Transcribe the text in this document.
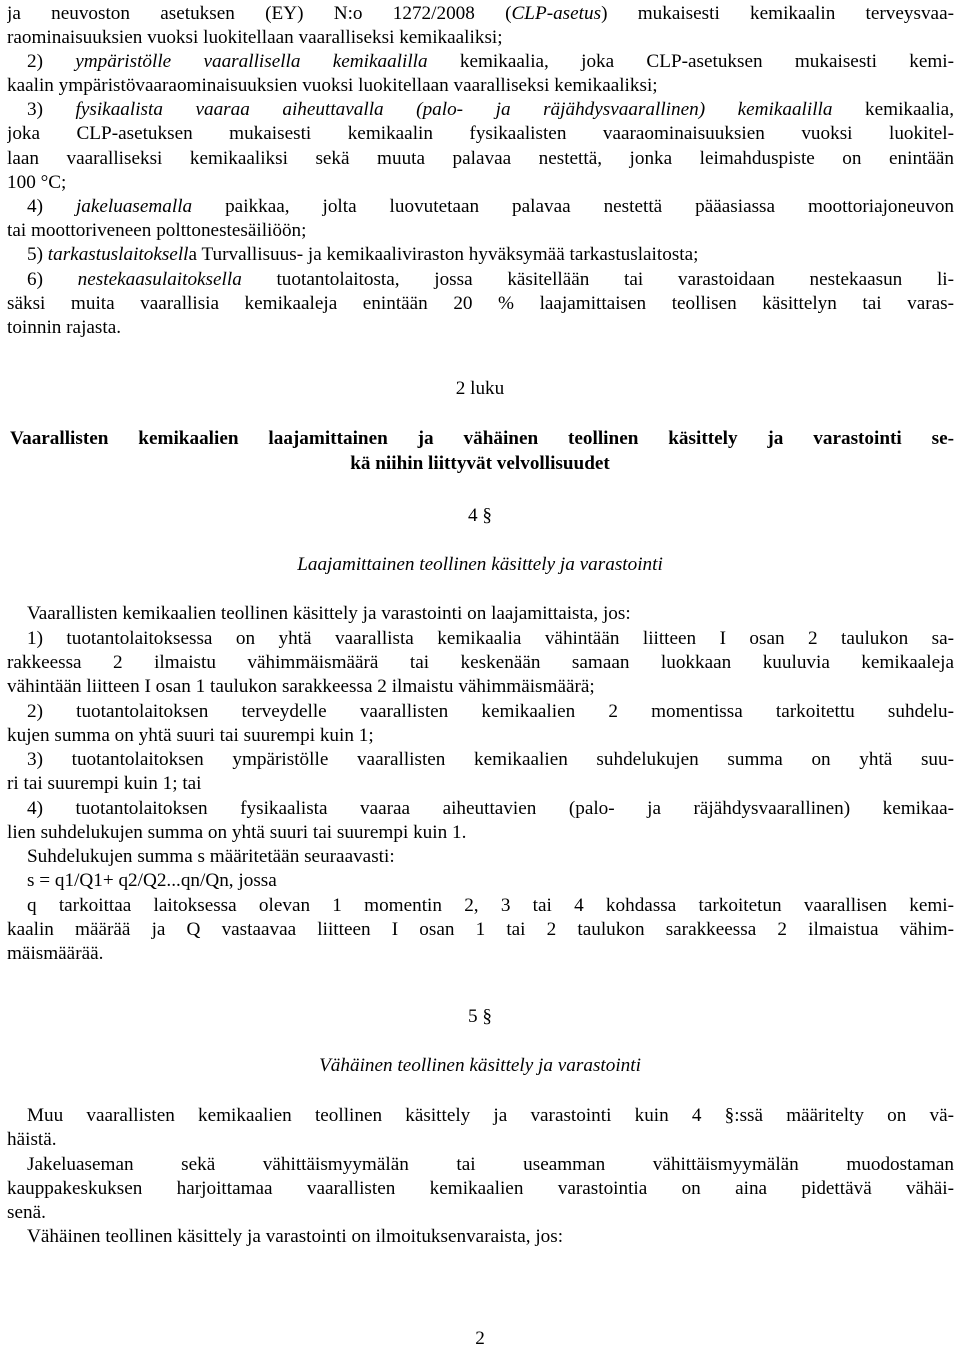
ja neuvoston asetuksen (EY) N:o 1272/2008 (CLP-asetus) mukaisesti kemikaalin terveysvaa-
raominaisuuksien vuoksi luokitellaan vaaralliseksi kemikaaliksi;
2) ympäristölle vaarallisella kemikaalilla kemikaalia, joka CLP-asetuksen mukaisesti kemi-
kaalin ympäristövaaraominaisuuksien vuoksi luokitellaan vaaralliseksi kemikaaliksi;
3) fysikaalista vaaraa aiheuttavalla (palo- ja räjähdysvaarallinen) kemikaalilla kemikaalia,
joka CLP-asetuksen mukaisesti kemikaalin fysikaalisten vaaraominaisuuksien vuoksi luokitel-
laan vaaralliseksi kemikaaliksi sekä muuta palavaa nestettä, jonka leimahduspiste on enintään
100 °C;
4) jakeluasemalla paikkaa, jolta luovutetaan palavaa nestettä pääasiassa moottoriajoneuvon
tai moottoriveneen polttonestesäiliöön;
5) tarkastuslaitoksella Turvallisuus- ja kemikaaliviraston hyväksymää tarkastuslaitosta;
6) nestekaasulaitoksella tuotantolaitosta, jossa käsitellään tai varastoidaan nestekaasun li-
säksi muita vaarallisia kemikaaleja enintään 20 % laajamittaisen teollisen käsittelyn tai varas-
toinnin rajasta.
2 luku
Vaarallisten kemikaalien laajamittainen ja vähäinen teollinen käsittely ja varastointi se-
kä niihin liittyvät velvollisuudet
4 §
Laajamittainen teollinen käsittely ja varastointi
Vaarallisten kemikaalien teollinen käsittely ja varastointi on laajamittaista, jos:
1) tuotantolaitoksessa on yhtä vaarallista kemikaalia vähintään liitteen I osan 2 taulukon sa-
rakkeessa 2 ilmaistu vähimmäismäärä tai keskenään samaan luokkaan kuuluvia kemikaaleja
vähintään liitteen I osan 1 taulukon sarakkeessa 2 ilmaistu vähimmäismäärä;
2) tuotantolaitoksen terveydelle vaarallisten kemikaalien 2 momentissa tarkoitettu suhdelu-
kujen summa on yhtä suuri tai suurempi kuin 1;
3) tuotantolaitoksen ympäristölle vaarallisten kemikaalien suhdelukujen summa on yhtä suu-
ri tai suurempi kuin 1; tai
4) tuotantolaitoksen fysikaalista vaaraa aiheuttavien (palo- ja räjähdysvaarallinen) kemikaa-
lien suhdelukujen summa on yhtä suuri tai suurempi kuin 1.
Suhdelukujen summa s määritetään seuraavasti:
s = q1/Q1+ q2/Q2...qn/Qn, jossa
q tarkoittaa laitoksessa olevan 1 momentin 2, 3 tai 4 kohdassa tarkoitetun vaarallisen kemi-
kaalin määrää ja Q vastaavaa liitteen I osan 1 tai 2 taulukon sarakkeessa 2 ilmaistua vähim-
mäismäärää.
5 §
Vähäinen teollinen käsittely ja varastointi
Muu vaarallisten kemikaalien teollinen käsittely ja varastointi kuin 4 §:ssä määritelty on vä-
häistä.
Jakeluaseman sekä vähittäismyymälän tai useamman vähittäismyymälän muodostaman
kauppakeskuksen harjoittamaa vaarallisten kemikaalien varastointia on aina pidettävä vähäi-
senä.
Vähäinen teollinen käsittely ja varastointi on ilmoituksenvaraista, jos:
2
